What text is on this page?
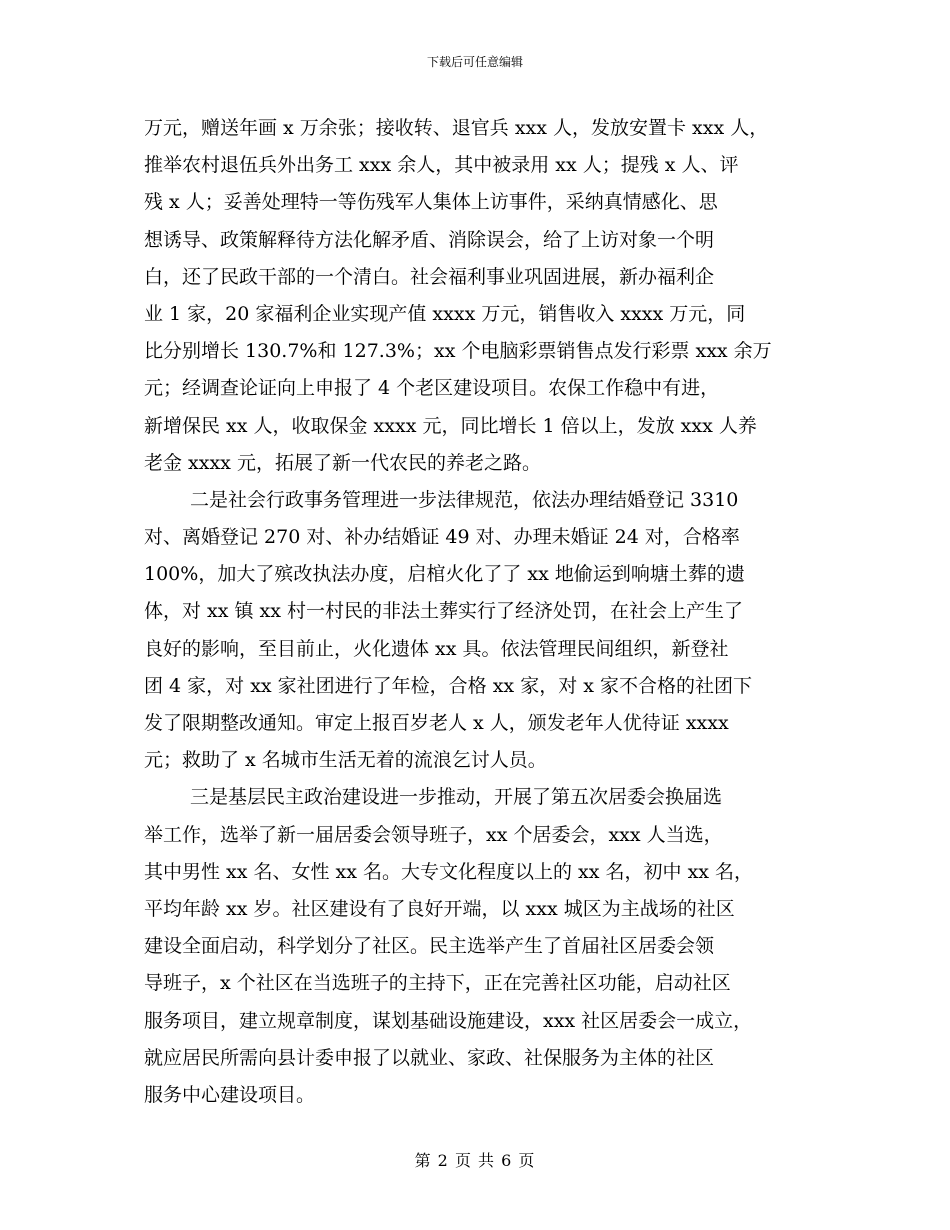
下载后可任意编辑
万元，赠送年画 x 万余张；接收转、退官兵 xxx 人，发放安置卡 xxx 人，
推举农村退伍兵外出务工 xxx 余人，其中被录用 xx 人；提残 x 人、评
残 x 人；妥善处理特一等伤残军人集体上访事件，采纳真情感化、思
想诱导、政策解释待方法化解矛盾、消除误会，给了上访对象一个明
白，还了民政干部的一个清白。社会福利事业巩固进展，新办福利企
业 1 家，20 家福利企业实现产值 xxxx 万元，销售收入 xxxx 万元，同
比分别增长 130.7%和 127.3%；xx 个电脑彩票销售点发行彩票 xxx 余万
元；经调查论证向上申报了 4 个老区建设项目。农保工作稳中有进，
新增保民 xx 人，收取保金 xxxx 元，同比增长 1 倍以上，发放 xxx 人养
老金 xxxx 元，拓展了新一代农民的养老之路。
二是社会行政事务管理进一步法律规范，依法办理结婚登记 3310
对、离婚登记 270 对、补办结婚证 49 对、办理未婚证 24 对，合格率
100%，加大了殡改执法办度，启棺火化了了 xx 地偷运到响塘土葬的遗
体，对 xx 镇 xx 村一村民的非法土葬实行了经济处罚，在社会上产生了
良好的影响，至目前止，火化遗体 xx 具。依法管理民间组织，新登社
团 4 家，对 xx 家社团进行了年检，合格 xx 家，对 x 家不合格的社团下
发了限期整改通知。审定上报百岁老人 x 人，颁发老年人优待证 xxxx
元；救助了 x 名城市生活无着的流浪乞讨人员。
三是基层民主政治建设进一步推动，开展了第五次居委会换届选
举工作，选举了新一届居委会领导班子，xx 个居委会，xxx 人当选，
其中男性 xx 名、女性 xx 名。大专文化程度以上的 xx 名，初中 xx 名，
平均年龄 xx 岁。社区建设有了良好开端，以 xxx 城区为主战场的社区
建设全面启动，科学划分了社区。民主选举产生了首届社区居委会领
导班子，x 个社区在当选班子的主持下，正在完善社区功能，启动社区
服务项目，建立规章制度，谋划基础设施建设，xxx 社区居委会一成立，
就应居民所需向县计委申报了以就业、家政、社保服务为主体的社区
服务中心建设项目。
第 2 页 共 6 页
